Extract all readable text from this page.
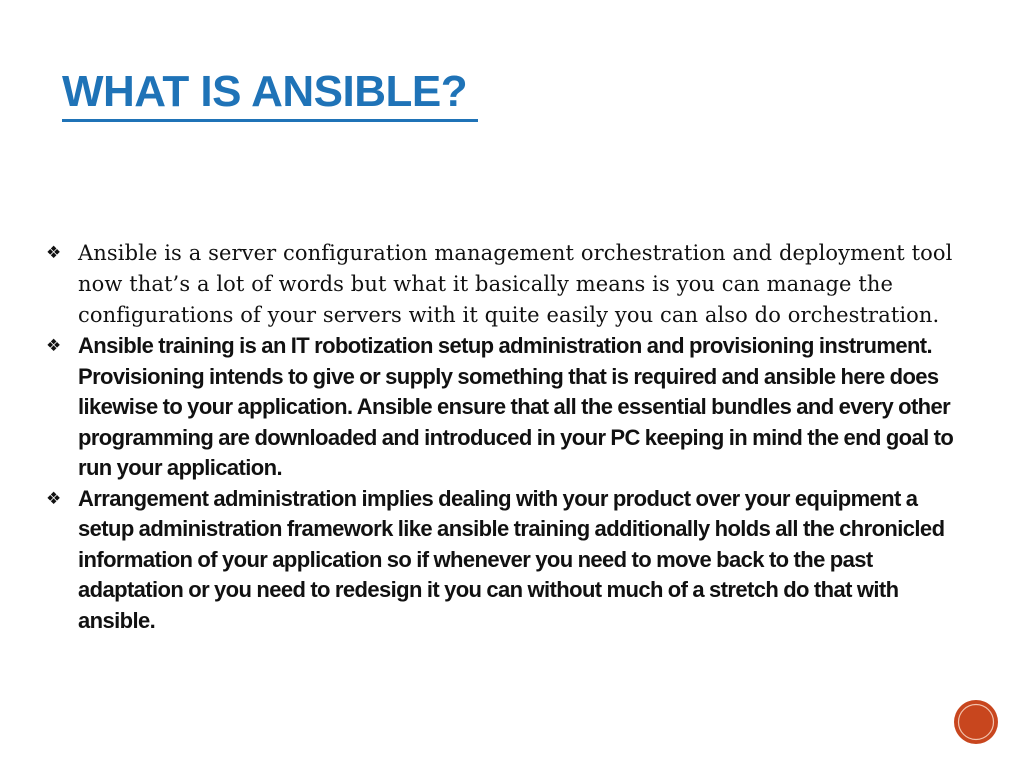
WHAT IS ANSIBLE?
❖ Ansible is a server configuration management orchestration and deployment tool now that’s a lot of words but what it basically means is you can manage the configurations of your servers with it quite easily you can also do orchestration.
❖ Ansible training is an IT robotization setup administration and provisioning instrument. Provisioning intends to give or supply something that is required and ansible here does likewise to your application. Ansible ensure that all the essential bundles and every other programming are downloaded and introduced in your PC keeping in mind the end goal to run your application.
❖ Arrangement administration implies dealing with your product over your equipment a setup administration framework like ansible training additionally holds all the chronicled information of your application so if whenever you need to move back to the past adaptation or you need to redesign it you can without much of a stretch do that with ansible.
